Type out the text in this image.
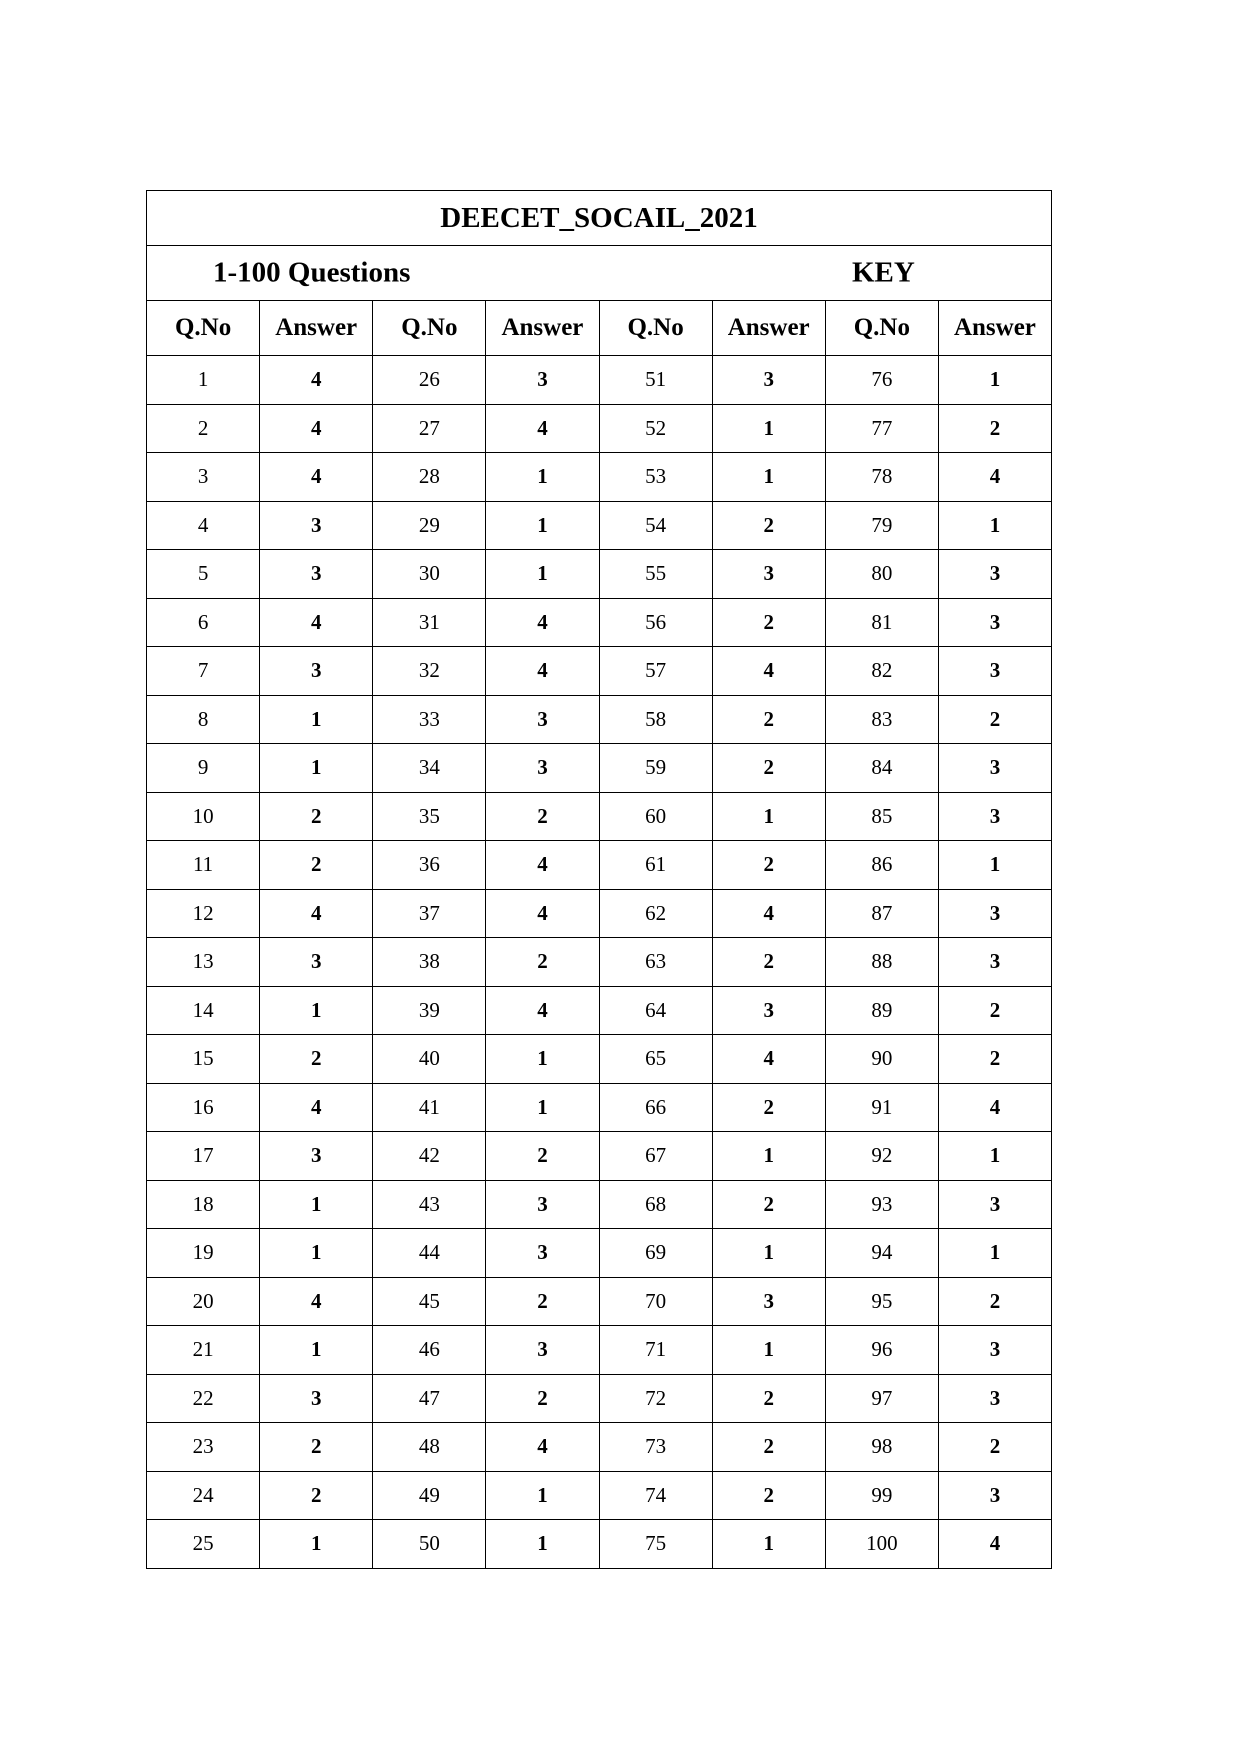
DEECET_SOCAIL_2021							

1-100 Questions KEY							

Q.No	Answer	Q.No	Answer	Q.No	Answer	Q.No	Answer
1	4	26	3	51	3	76	1
2	4	27	4	52	1	77	2
3	4	28	1	53	1	78	4
4	3	29	1	54	2	79	1
5	3	30	1	55	3	80	3
6	4	31	4	56	2	81	3
7	3	32	4	57	4	82	3
8	1	33	3	58	2	83	2
9	1	34	3	59	2	84	3
10	2	35	2	60	1	85	3
11	2	36	4	61	2	86	1
12	4	37	4	62	4	87	3
13	3	38	2	63	2	88	3
14	1	39	4	64	3	89	2
15	2	40	1	65	4	90	2
16	4	41	1	66	2	91	4
17	3	42	2	67	1	92	1
18	1	43	3	68	2	93	3
19	1	44	3	69	1	94	1
20	4	45	2	70	3	95	2
21	1	46	3	71	1	96	3
22	3	47	2	72	2	97	3
23	2	48	4	73	2	98	2
24	2	49	1	74	2	99	3
25	1	50	1	75	1	100	4
